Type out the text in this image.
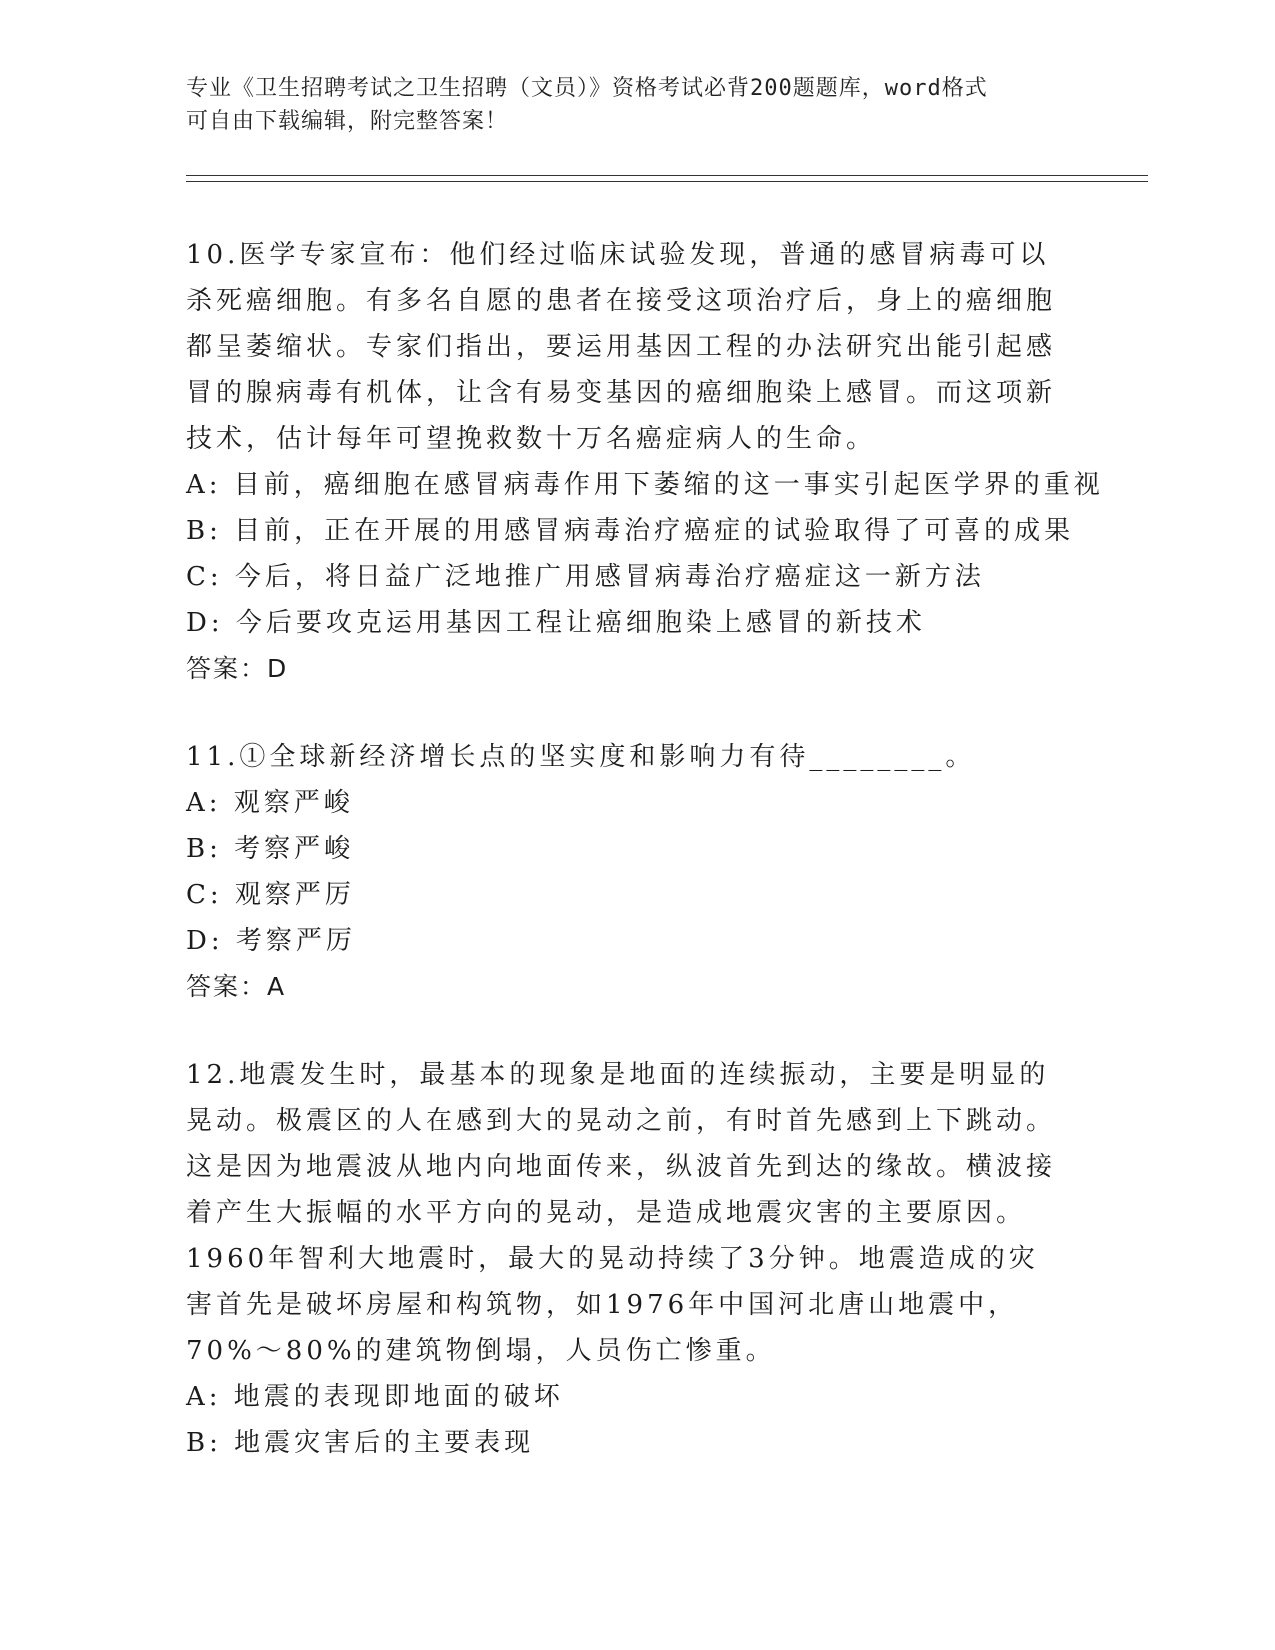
专业《卫生招聘考试之卫生招聘（文员）》资格考试必背200题题库，word格式
可自由下载编辑，附完整答案！

10.医学专家宣布：他们经过临床试验发现，普通的感冒病毒可以杀死癌细胞。有多名自愿的患者在接受这项治疗后，身上的癌细胞都呈萎缩状。专家们指出，要运用基因工程的办法研究出能引起感冒的腺病毒有机体，让含有易变基因的癌细胞染上感冒。而这项新技术，估计每年可望挽救数十万名癌症病人的生命。

A: 目前，癌细胞在感冒病毒作用下萎缩的这一事实引起医学界的重视

B: 目前，正在开展的用感冒病毒治疗癌症的试验取得了可喜的成果

C: 今后，将日益广泛地推广用感冒病毒治疗癌症这一新方法

D: 今后要攻克运用基因工程让癌细胞染上感冒的新技术

答案：D

11.①全球新经济增长点的坚实度和影响力有待________。

A: 观察严峻

B: 考察严峻

C: 观察严厉

D: 考察严厉

答案：A

12.地震发生时，最基本的现象是地面的连续振动，主要是明显的晃动。极震区的人在感到大的晃动之前，有时首先感到上下跳动。这是因为地震波从地内向地面传来，纵波首先到达的缘故。横波接着产生大振幅的水平方向的晃动，是造成地震灾害的主要原因。1960年智利大地震时，最大的晃动持续了3分钟。地震造成的灾害首先是破坏房屋和构筑物，如1976年中国河北唐山地震中，70%～80%的建筑物倒塌，人员伤亡惨重。

A: 地震的表现即地面的破坏

B: 地震灾害后的主要表现
